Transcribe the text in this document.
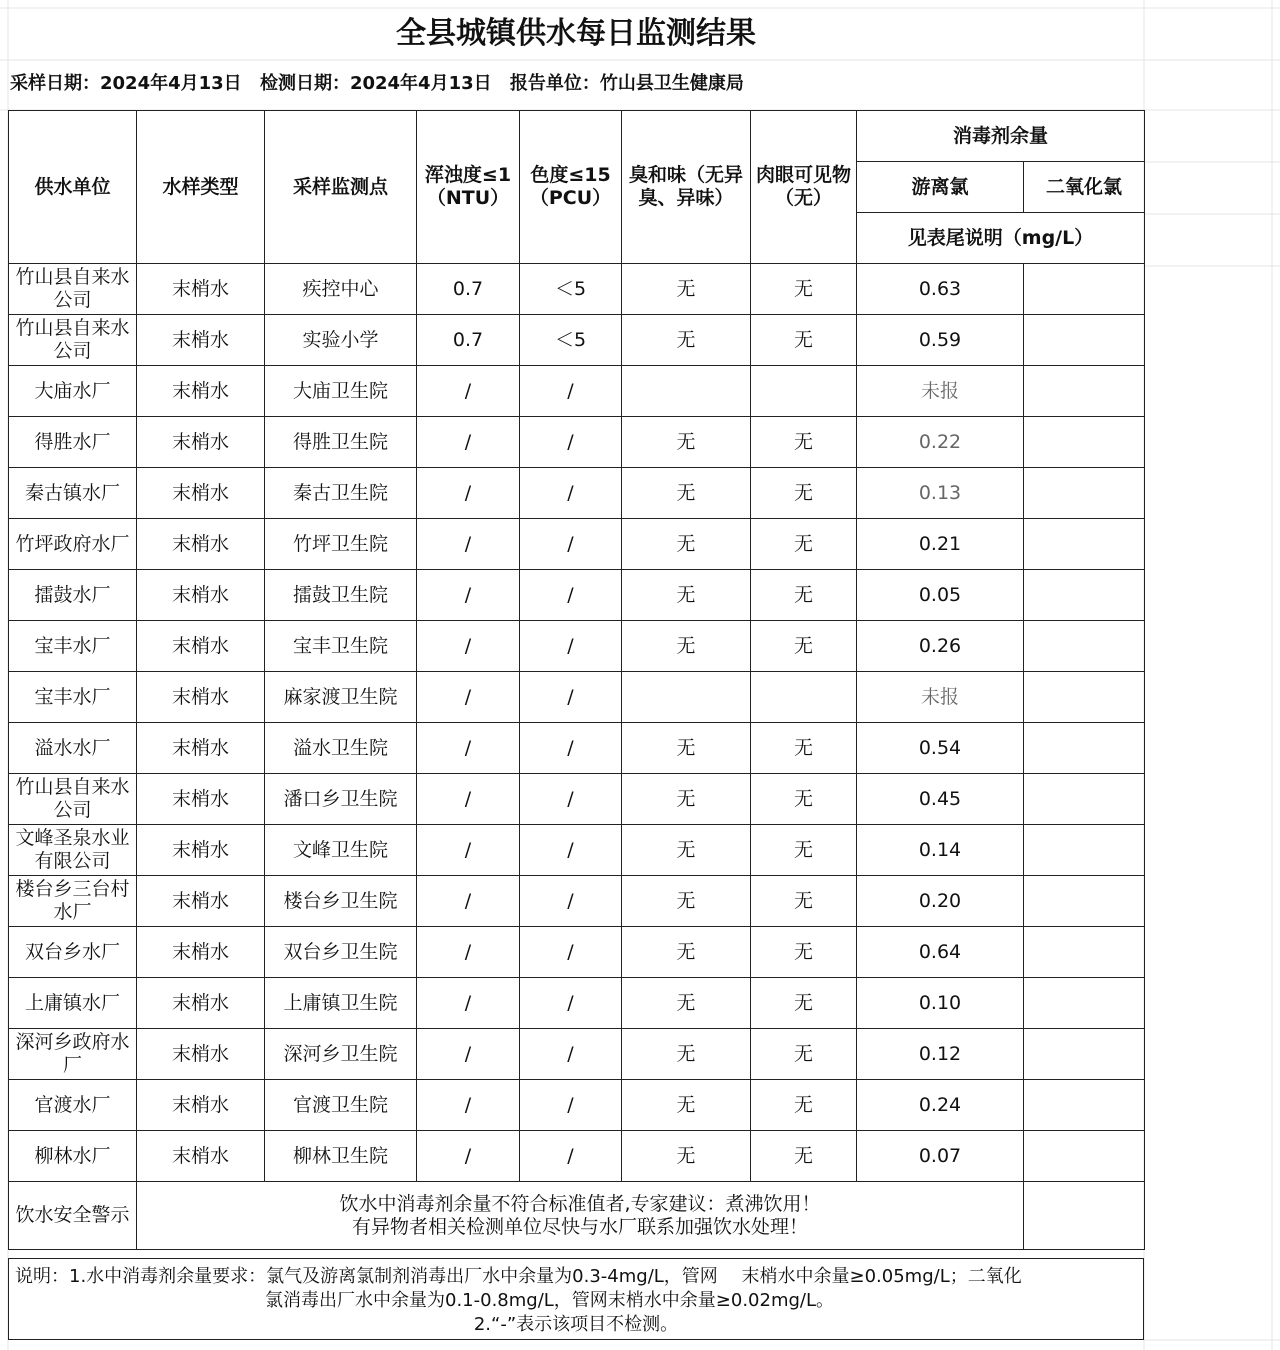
全县城镇供水每日监测结果
采样日期：2024年4月13日 检测日期：2024年4月13日 报告单位：竹山县卫生健康局
供水单位	水样类型	采样监测点	浑浊度≤1（NTU）	色度≤15（PCU）	臭和味（无异臭、异味）	肉眼可见物（无）	消毒剂余量	
							游离氯	二氧化氯
							见表尾说明（mg/L）	
竹山县自来水公司	末梢水	疾控中心	0.7	＜5	无	无	0.63	
竹山县自来水公司	末梢水	实验小学	0.7	＜5	无	无	0.59	
大庙水厂	末梢水	大庙卫生院	/	/			未报	
得胜水厂	末梢水	得胜卫生院	/	/	无	无	0.22	
秦古镇水厂	末梢水	秦古卫生院	/	/	无	无	0.13	
竹坪政府水厂	末梢水	竹坪卫生院	/	/	无	无	0.21	
擂鼓水厂	末梢水	擂鼓卫生院	/	/	无	无	0.05	
宝丰水厂	末梢水	宝丰卫生院	/	/	无	无	0.26	
宝丰水厂	末梢水	麻家渡卫生院	/	/			未报	
溢水水厂	末梢水	溢水卫生院	/	/	无	无	0.54	
竹山县自来水公司	末梢水	潘口乡卫生院	/	/	无	无	0.45	
文峰圣泉水业有限公司	末梢水	文峰卫生院	/	/	无	无	0.14	
楼台乡三台村水厂	末梢水	楼台乡卫生院	/	/	无	无	0.20	
双台乡水厂	末梢水	双台乡卫生院	/	/	无	无	0.64	
上庸镇水厂	末梢水	上庸镇卫生院	/	/	无	无	0.10	
深河乡政府水厂	末梢水	深河乡卫生院	/	/	无	无	0.12	
官渡水厂	末梢水	官渡卫生院	/	/	无	无	0.24	
柳林水厂	末梢水	柳林卫生院	/	/	无	无	0.07	
饮水安全警示	饮水中消毒剂余量不符合标准值者,专家建议：煮沸饮用！
有异物者相关检测单位尽快与水厂联系加强饮水处理！							

说明：1.水中消毒剂余量要求：氯气及游离氯制剂消毒出厂水中余量为0.3-4mg/L，管网　 末梢水中余量≥0.05mg/L；二氧化

氯消毒出厂水中余量为0.1-0.8mg/L，管网末梢水中余量≥0.02mg/L。

2.“-”表示该项目不检测。
